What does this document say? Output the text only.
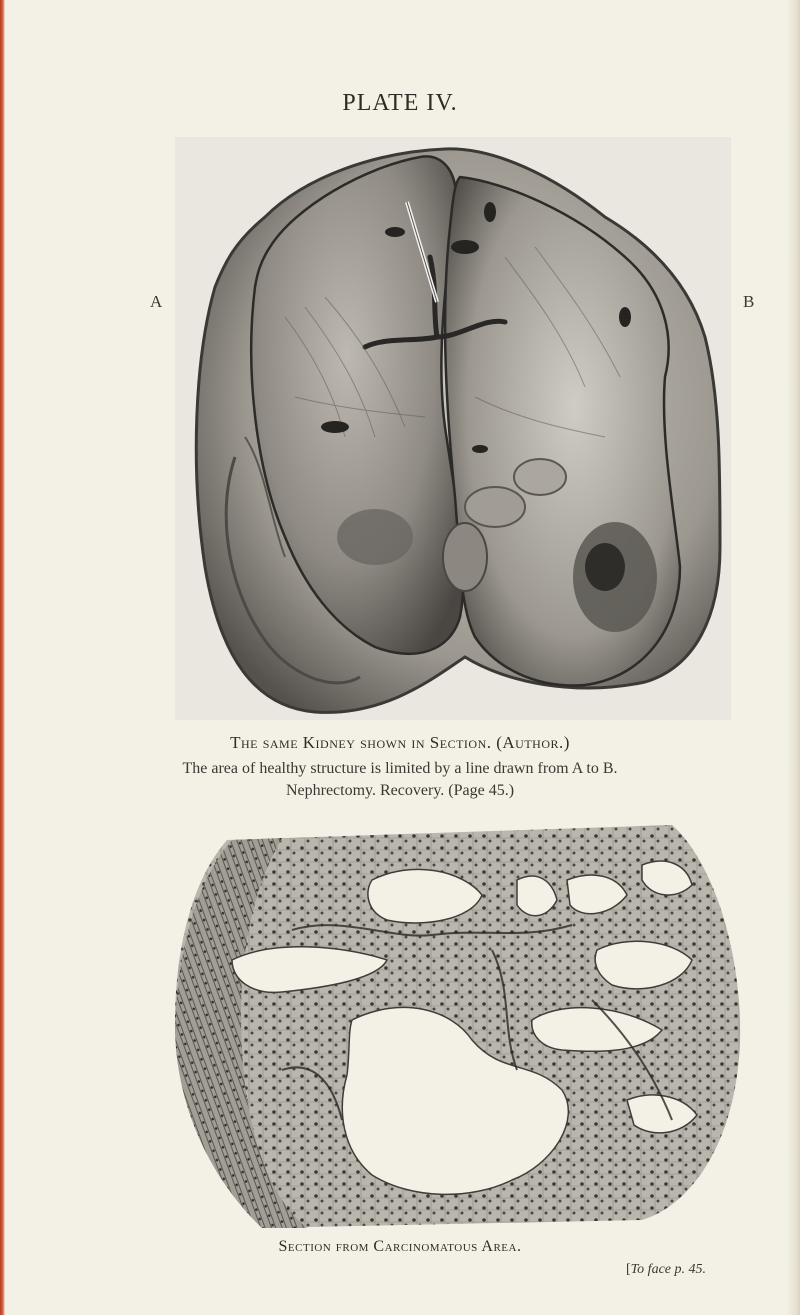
PLATE IV.
A	B
The same Kidney shown in Section. (Author.)
The area of healthy structure is limited by a line drawn from A to B.
Nephrectomy. Recovery. (Page 45.)
Section from Carcinomatous Area.
[To face p. 45.
